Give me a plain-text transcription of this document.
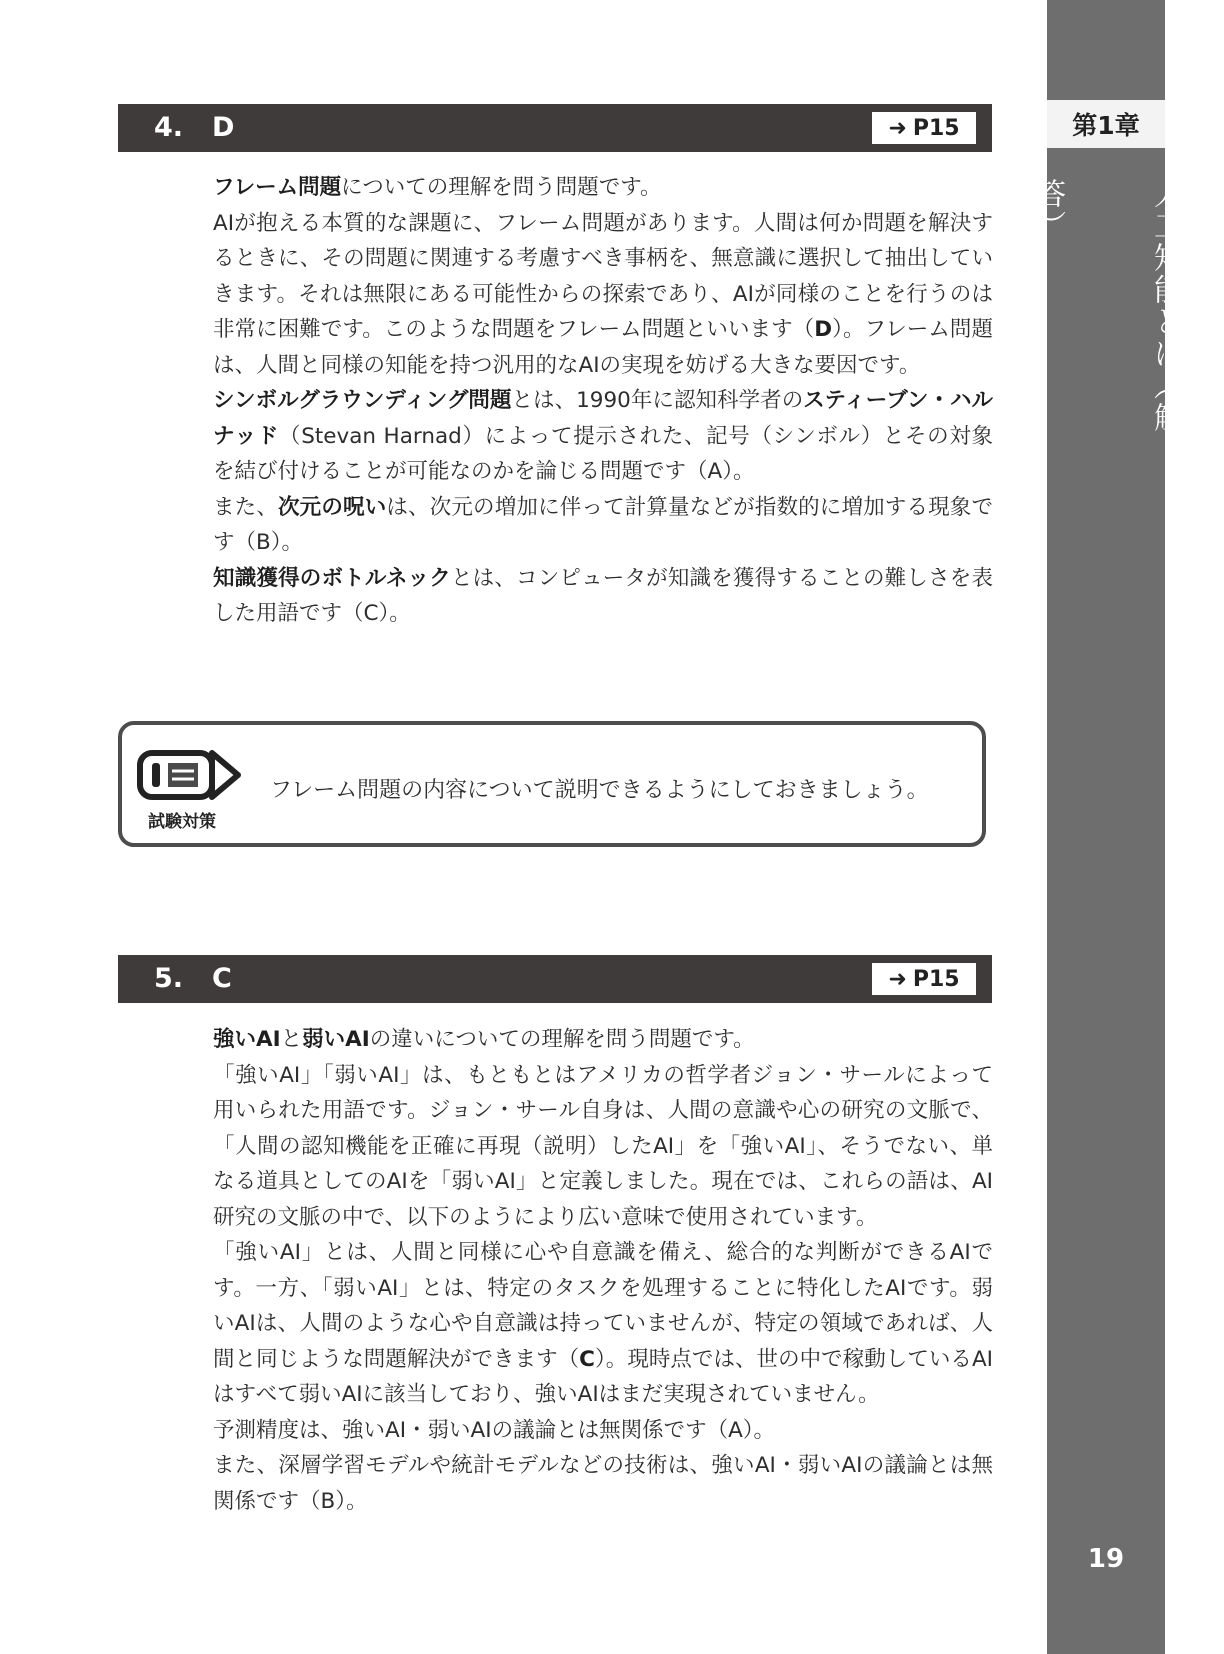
第1章
人工知能とは（解答）
19
4. D	➜ P15

フレーム問題についての理解を問う問題です。

AIが抱える本質的な課題に、フレーム問題があります。人間は何か問題を解決するときに、その問題に関連する考慮すべき事柄を、無意識に選択して抽出していきます。それは無限にある可能性からの探索であり、AIが同様のことを行うのは非常に困難です。このような問題をフレーム問題といいます（D）。フレーム問題は、人間と同様の知能を持つ汎用的なAIの実現を妨げる大きな要因です。

シンボルグラウンディング問題とは、1990年に認知科学者のスティーブン・ハルナッド（Stevan Harnad）によって提示された、記号（シンボル）とその対象を結び付けることが可能なのかを論じる問題です（A）。

また、次元の呪いは、次元の増加に伴って計算量などが指数的に増加する現象です（B）。

知識獲得のボトルネックとは、コンピュータが知識を獲得することの難しさを表した用語です（C）。

試験対策
フレーム問題の内容について説明できるようにしておきましょう。
5. C	➜ P15

強いAIと弱いAIの違いについての理解を問う問題です。

「強いAI」「弱いAI」は、もともとはアメリカの哲学者ジョン・サールによって用いられた用語です。ジョン・サール自身は、人間の意識や心の研究の文脈で、「人間の認知機能を正確に再現（説明）したAI」を「強いAI」、そうでない、単なる道具としてのAIを「弱いAI」と定義しました。現在では、これらの語は、AI研究の文脈の中で、以下のようにより広い意味で使用されています。

「強いAI」とは、人間と同様に心や自意識を備え、総合的な判断ができるAIです。一方、「弱いAI」とは、特定のタスクを処理することに特化したAIです。弱いAIは、人間のような心や自意識は持っていませんが、特定の領域であれば、人間と同じような問題解決ができます（C）。現時点では、世の中で稼動しているAIはすべて弱いAIに該当しており、強いAIはまだ実現されていません。

予測精度は、強いAI・弱いAIの議論とは無関係です（A）。

また、深層学習モデルや統計モデルなどの技術は、強いAI・弱いAIの議論とは無関係です（B）。
